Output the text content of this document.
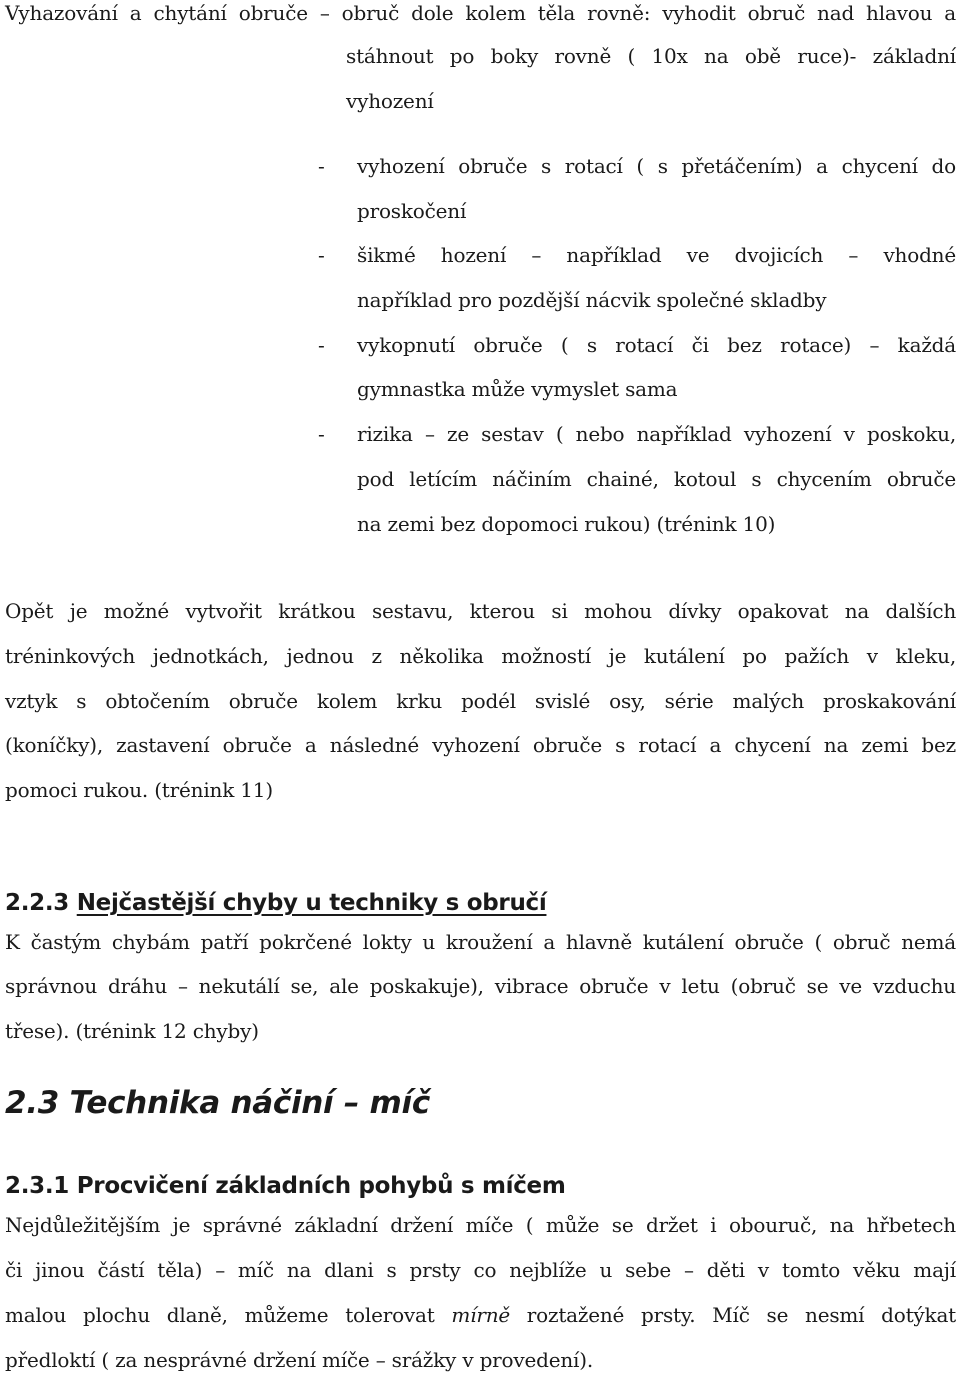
Vyhazování a chytání obruče – obruč dole kolem těla rovně: vyhodit obruč nad hlavou a
stáhnout po boky rovně ( 10x na obě ruce)- základní
vyhození
- vyhození obruče s rotací ( s přetáčením) a chycení do
proskočení
- šikmé hození – například ve dvojicích – vhodné
například pro pozdější nácvik společné skladby
- vykopnutí obruče ( s rotací či bez rotace) – každá
gymnastka může vymyslet sama
- rizika – ze sestav ( nebo například vyhození v poskoku,
pod letícím náčiním chainé, kotoul s chycením obruče
na zemi bez dopomoci rukou) (trénink 10)
Opět je možné vytvořit krátkou sestavu, kterou si mohou dívky opakovat na dalších
tréninkových jednotkách, jednou z několika možností je kutálení po pažích v kleku,
vztyk s obtočením obruče kolem krku podél svislé osy, série malých proskakování
(koníčky), zastavení obruče a následné vyhození obruče s rotací a chycení na zemi bez
pomoci rukou. (trénink 11)
2.2.3 Nejčastější chyby u techniky s obručí
K častým chybám patří pokrčené lokty u kroužení a hlavně kutálení obruče ( obruč nemá
správnou dráhu – nekutálí se, ale poskakuje), vibrace obruče v letu (obruč se ve vzduchu
třese). (trénink 12 chyby)
2.3 Technika náčiní – míč
2.3.1 Procvičení základních pohybů s míčem
Nejdůležitějším je správné základní držení míče ( může se držet i obouruč, na hřbetech
či jinou částí těla) – míč na dlani s prsty co nejblíže u sebe – děti v tomto věku mají
malou plochu dlaně, můžeme tolerovat mírně roztažené prsty. Míč se nesmí dotýkat
předloktí ( za nesprávné držení míče – srážky v provedení).
